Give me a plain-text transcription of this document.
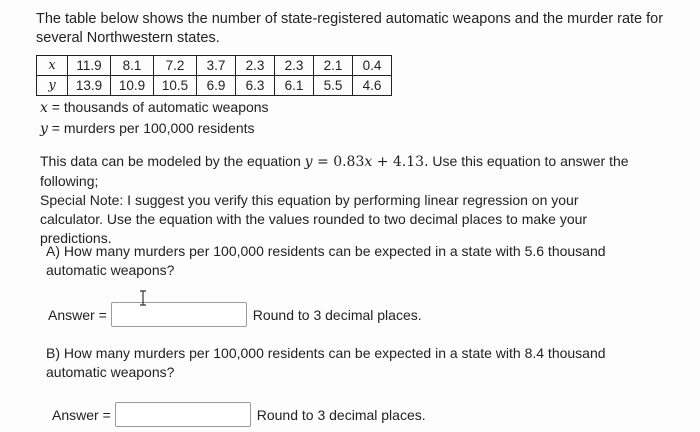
The table below shows the number of state-registered automatic weapons and the murder rate for several Northwestern states.
x	11.9	8.1	7.2	3.7	2.3	2.3	2.1	0.4
y	13.9	10.9	10.5	6.9	6.3	6.1	5.5	4.6
x = thousands of automatic weapons
y = murders per 100,000 residents
This data can be modeled by the equation y = 0.83x + 4.13. Use this equation to answer the following;
Special Note: I suggest you verify this equation by performing linear regression on your calculator. Use the equation with the values rounded to two decimal places to make your predictions.
A) How many murders per 100,000 residents can be expected in a state with 5.6 thousand automatic weapons?
Answer =	Round to 3 decimal places.
B) How many murders per 100,000 residents can be expected in a state with 8.4 thousand automatic weapons?
Answer =	Round to 3 decimal places.
